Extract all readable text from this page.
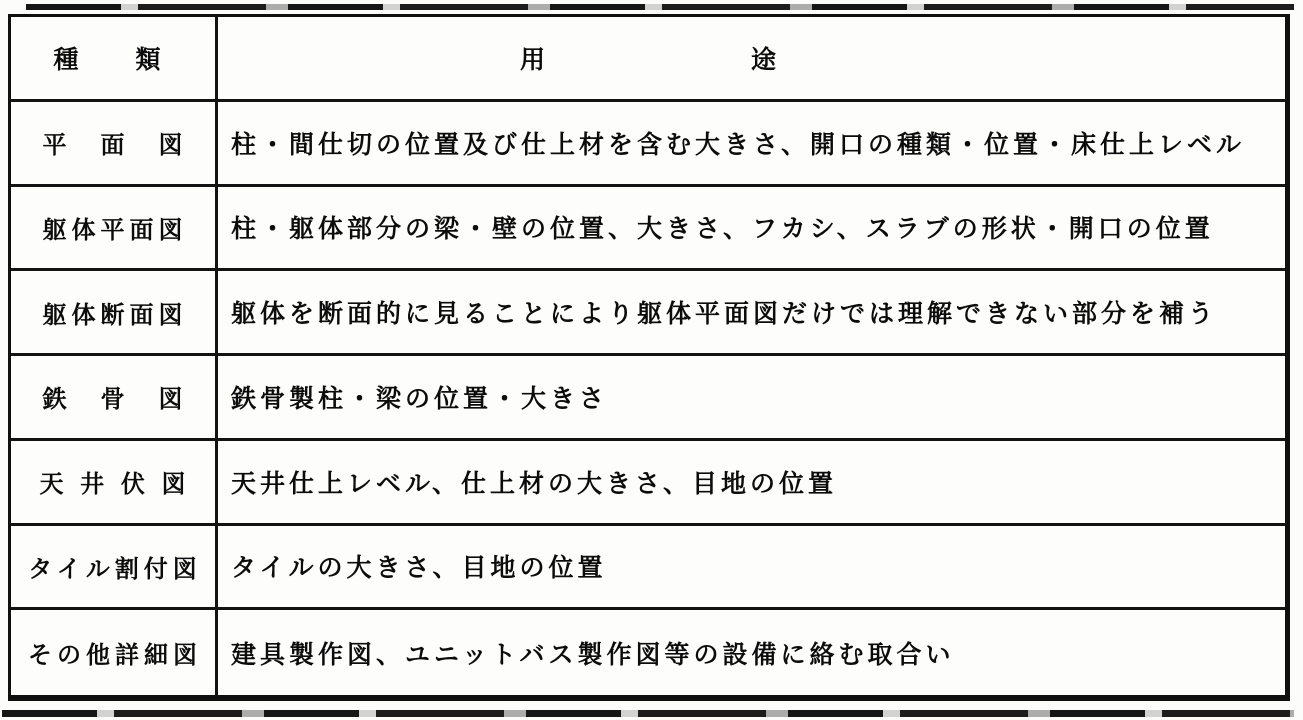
種　類	用途
平　面　図	柱・間仕切の位置及び仕上材を含む大きさ、開口の種類・位置・床仕上レベル
躯体平面図	柱・躯体部分の梁・壁の位置、大きさ、フカシ、スラブの形状・開口の位置
躯体断面図	躯体を断面的に見ることにより躯体平面図だけでは理解できない部分を補う
鉄　骨　図	鉄骨製柱・梁の位置・大きさ
天 井 伏 図	天井仕上レベル、仕上材の大きさ、目地の位置
タイル割付図	タイルの大きさ、目地の位置
その他詳細図	建具製作図、ユニットバス製作図等の設備に絡む取合い
